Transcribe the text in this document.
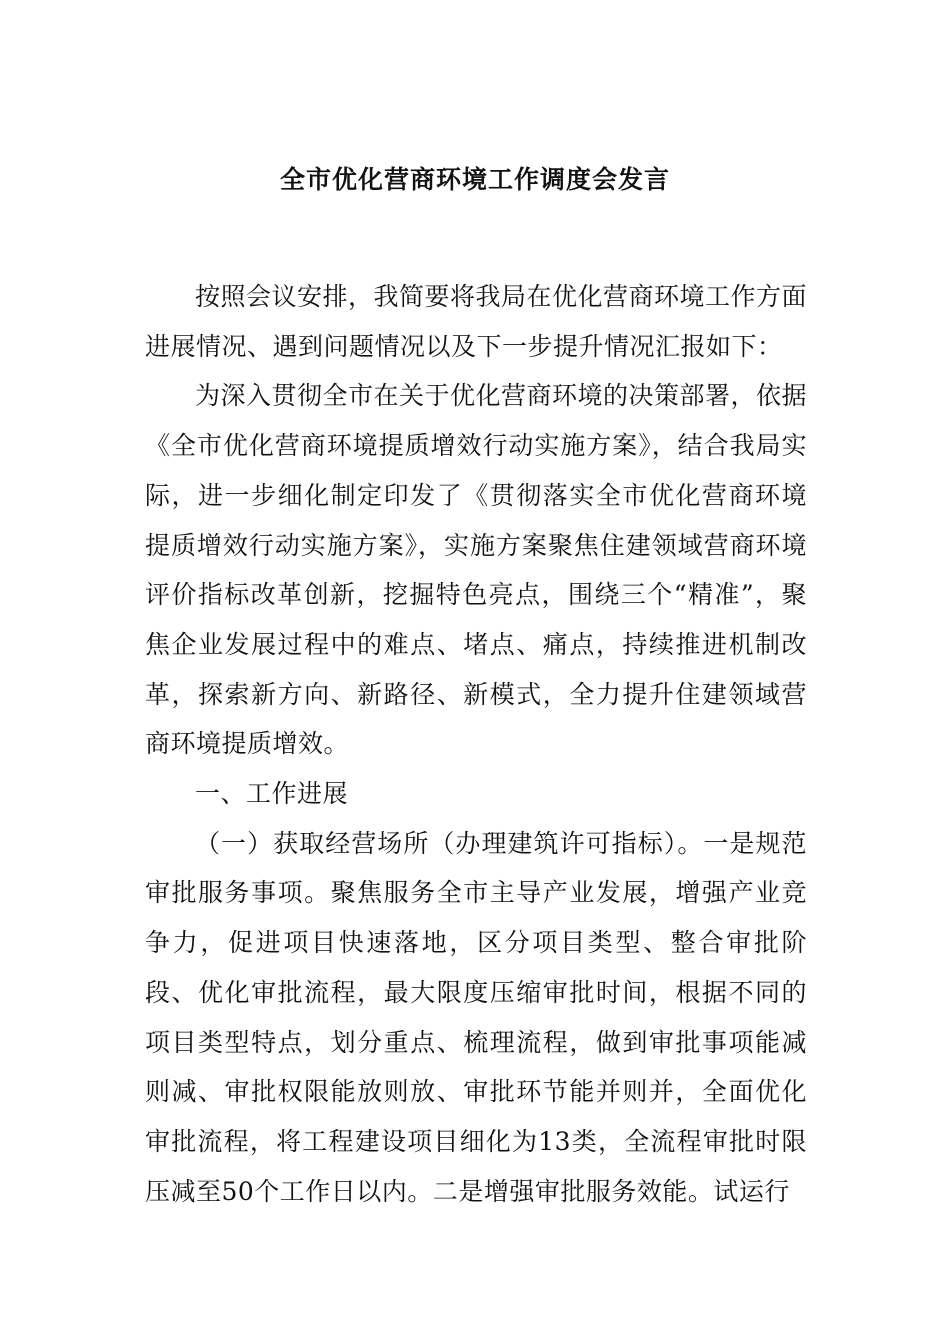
全市优化营商环境工作调度会发言

按照会议安排，我简要将我局在优化营商环境工作方面进展情况、遇到问题情况以及下一步提升情况汇报如下：

为深入贯彻全市在关于优化营商环境的决策部署，依据《全市优化营商环境提质增效行动实施方案》，结合我局实际，进一步细化制定印发了《贯彻落实全市优化营商环境提质增效行动实施方案》，实施方案聚焦住建领域营商环境评价指标改革创新，挖掘特色亮点，围绕三个“精准”，聚焦企业发展过程中的难点、堵点、痛点，持续推进机制改革，探索新方向、新路径、新模式，全力提升住建领域营商环境提质增效。

一、工作进展

（一）获取经营场所（办理建筑许可指标）。一是规范审批服务事项。聚焦服务全市主导产业发展，增强产业竞争力，促进项目快速落地，区分项目类型、整合审批阶段、优化审批流程，最大限度压缩审批时间，根据不同的项目类型特点，划分重点、梳理流程，做到审批事项能减则减、审批权限能放则放、审批环节能并则并，全面优化审批流程，将工程建设项目细化为13类，全流程审批时限压减至50个工作日以内。二是增强审批服务效能。试运行
